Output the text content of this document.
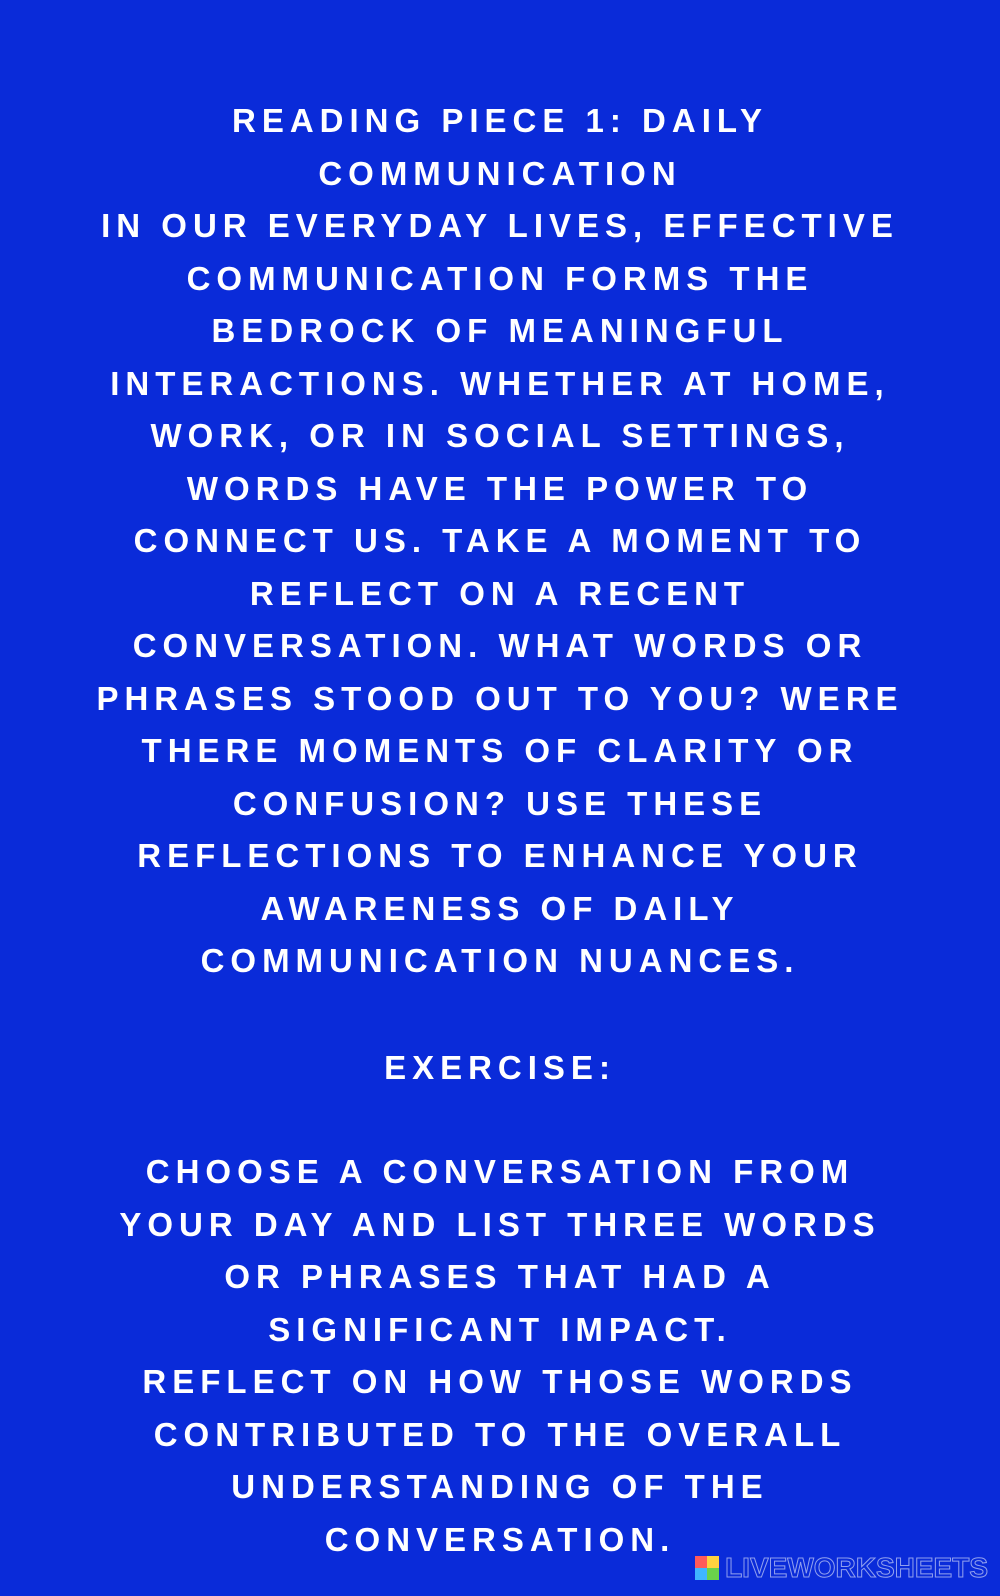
READING PIECE 1: DAILY
COMMUNICATION
IN OUR EVERYDAY LIVES, EFFECTIVE
COMMUNICATION FORMS THE
BEDROCK OF MEANINGFUL
INTERACTIONS. WHETHER AT HOME,
WORK, OR IN SOCIAL SETTINGS,
WORDS HAVE THE POWER TO
CONNECT US. TAKE A MOMENT TO
REFLECT ON A RECENT
CONVERSATION. WHAT WORDS OR
PHRASES STOOD OUT TO YOU? WERE
THERE MOMENTS OF CLARITY OR
CONFUSION? USE THESE
REFLECTIONS TO ENHANCE YOUR
AWARENESS OF DAILY
COMMUNICATION NUANCES.
EXERCISE:
CHOOSE A CONVERSATION FROM
YOUR DAY AND LIST THREE WORDS
OR PHRASES THAT HAD A
SIGNIFICANT IMPACT.
REFLECT ON HOW THOSE WORDS
CONTRIBUTED TO THE OVERALL
UNDERSTANDING OF THE
CONVERSATION.
LIVEWORKSHEETS
